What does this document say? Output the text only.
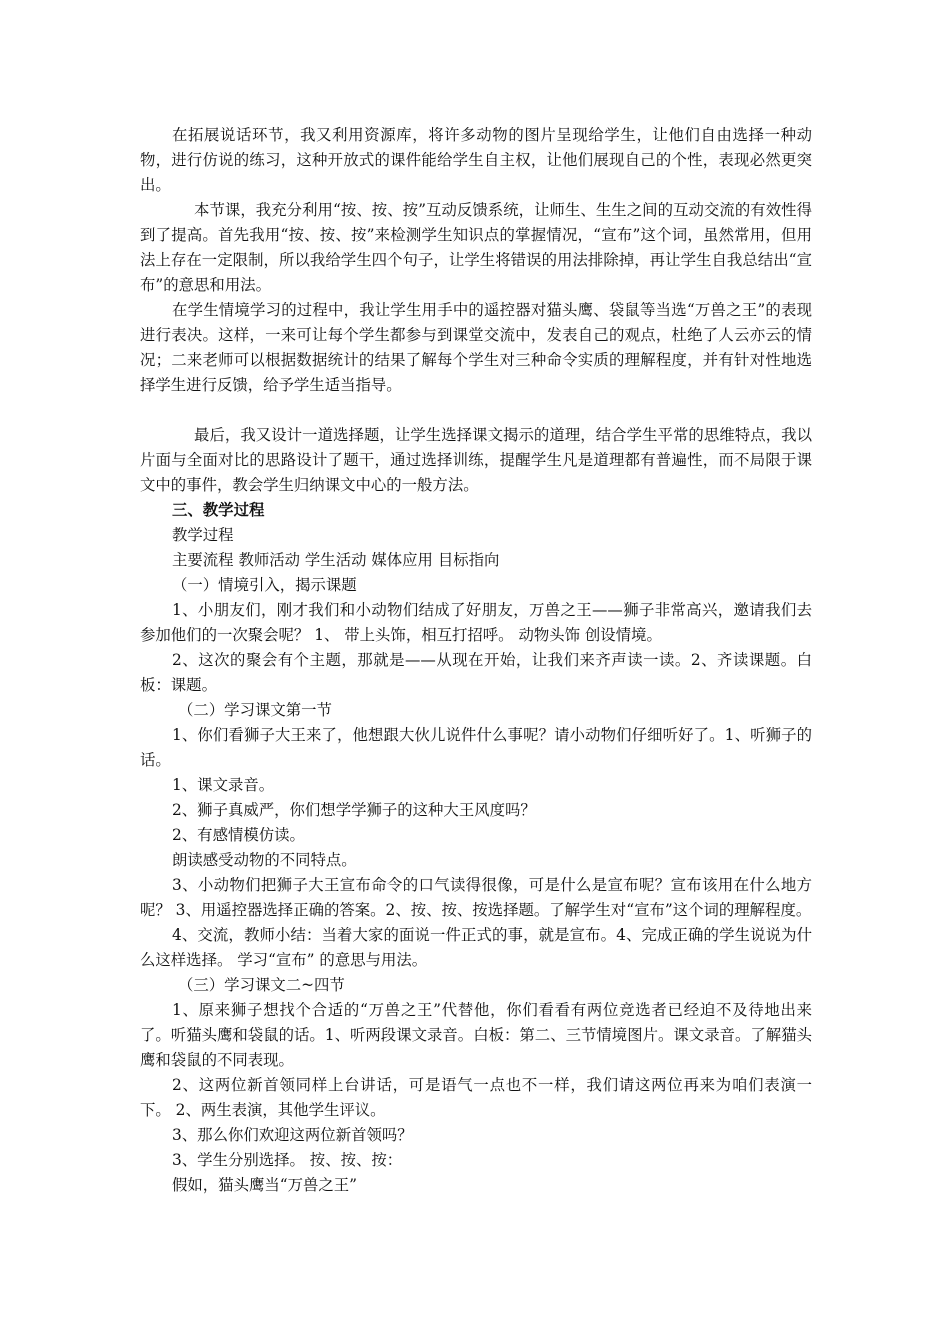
在拓展说话环节，我又利用资源库，将许多动物的图片呈现给学生，让他们自由选择一种动物，进行仿说的练习，这种开放式的课件能给学生自主权，让他们展现自己的个性，表现必然更突出。

本节课，我充分利用“按、按、按”互动反馈系统，让师生、生生之间的互动交流的有效性得到了提高。首先我用“按、按、按”来检测学生知识点的掌握情况，“宣布”这个词，虽然常用，但用法上存在一定限制，所以我给学生四个句子，让学生将错误的用法排除掉，再让学生自我总结出“宣布”的意思和用法。

在学生情境学习的过程中，我让学生用手中的遥控器对猫头鹰、袋鼠等当选“万兽之王”的表现进行表决。这样，一来可让每个学生都参与到课堂交流中，发表自己的观点，杜绝了人云亦云的情况；二来老师可以根据数据统计的结果了解每个学生对三种命令实质的理解程度，并有针对性地选择学生进行反馈，给予学生适当指导。

最后，我又设计一道选择题，让学生选择课文揭示的道理，结合学生平常的思维特点，我以片面与全面对比的思路设计了题干，通过选择训练，提醒学生凡是道理都有普遍性，而不局限于课文中的事件，教会学生归纳课文中心的一般方法。

三、教学过程

教学过程

主要流程 教师活动 学生活动 媒体应用 目标指向

（一）情境引入，揭示课题

1、小朋友们，刚才我们和小动物们结成了好朋友，万兽之王——狮子非常高兴，邀请我们去参加他们的一次聚会呢？ 1、 带上头饰，相互打招呼。 动物头饰 创设情境。

2、这次的聚会有个主题，那就是——从现在开始，让我们来齐声读一读。2、齐读课题。白板：课题。

（二）学习课文第一节

1、你们看狮子大王来了，他想跟大伙儿说件什么事呢？请小动物们仔细听好了。1、听狮子的话。

1、课文录音。

2、狮子真威严，你们想学学狮子的这种大王风度吗？

2、有感情模仿读。

朗读感受动物的不同特点。

3、小动物们把狮子大王宣布命令的口气读得很像，可是什么是宣布呢？宣布该用在什么地方呢？ 3、用遥控器选择正确的答案。2、按、按、按选择题。了解学生对“宣布”这个词的理解程度。

4、交流，教师小结：当着大家的面说一件正式的事，就是宣布。4、完成正确的学生说说为什么这样选择。 学习“宣布” 的意思与用法。

（三）学习课文二~四节

1、原来狮子想找个合适的“万兽之王”代替他，你们看看有两位竞选者已经迫不及待地出来了。听猫头鹰和袋鼠的话。1、听两段课文录音。白板：第二、三节情境图片。课文录音。了解猫头鹰和袋鼠的不同表现。

2、这两位新首领同样上台讲话，可是语气一点也不一样，我们请这两位再来为咱们表演一下。 2、两生表演，其他学生评议。

3、那么你们欢迎这两位新首领吗？

3、学生分别选择。 按、按、按：

假如，猫头鹰当“万兽之王”
